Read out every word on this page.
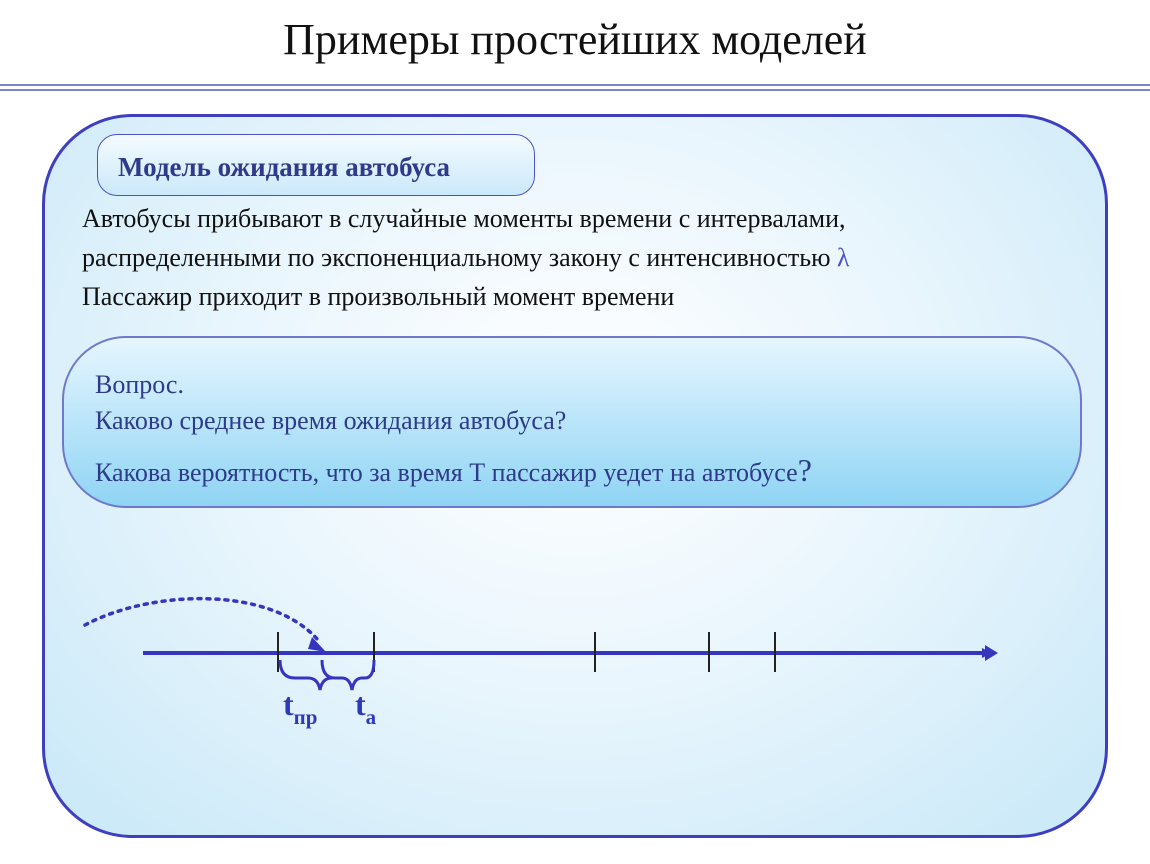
Примеры простейших моделей
Модель ожидания автобуса
Автобусы прибывают в случайные моменты времени с интервалами,
распределенными по экспоненциальному закону с интенсивностью λ
Пассажир приходит в произвольный момент времени
Вопрос.
Каково среднее время ожидания автобуса?
Какова вероятность, что за время Т пассажир уедет на автобусе?
$t_{пр}$ $t_а$
